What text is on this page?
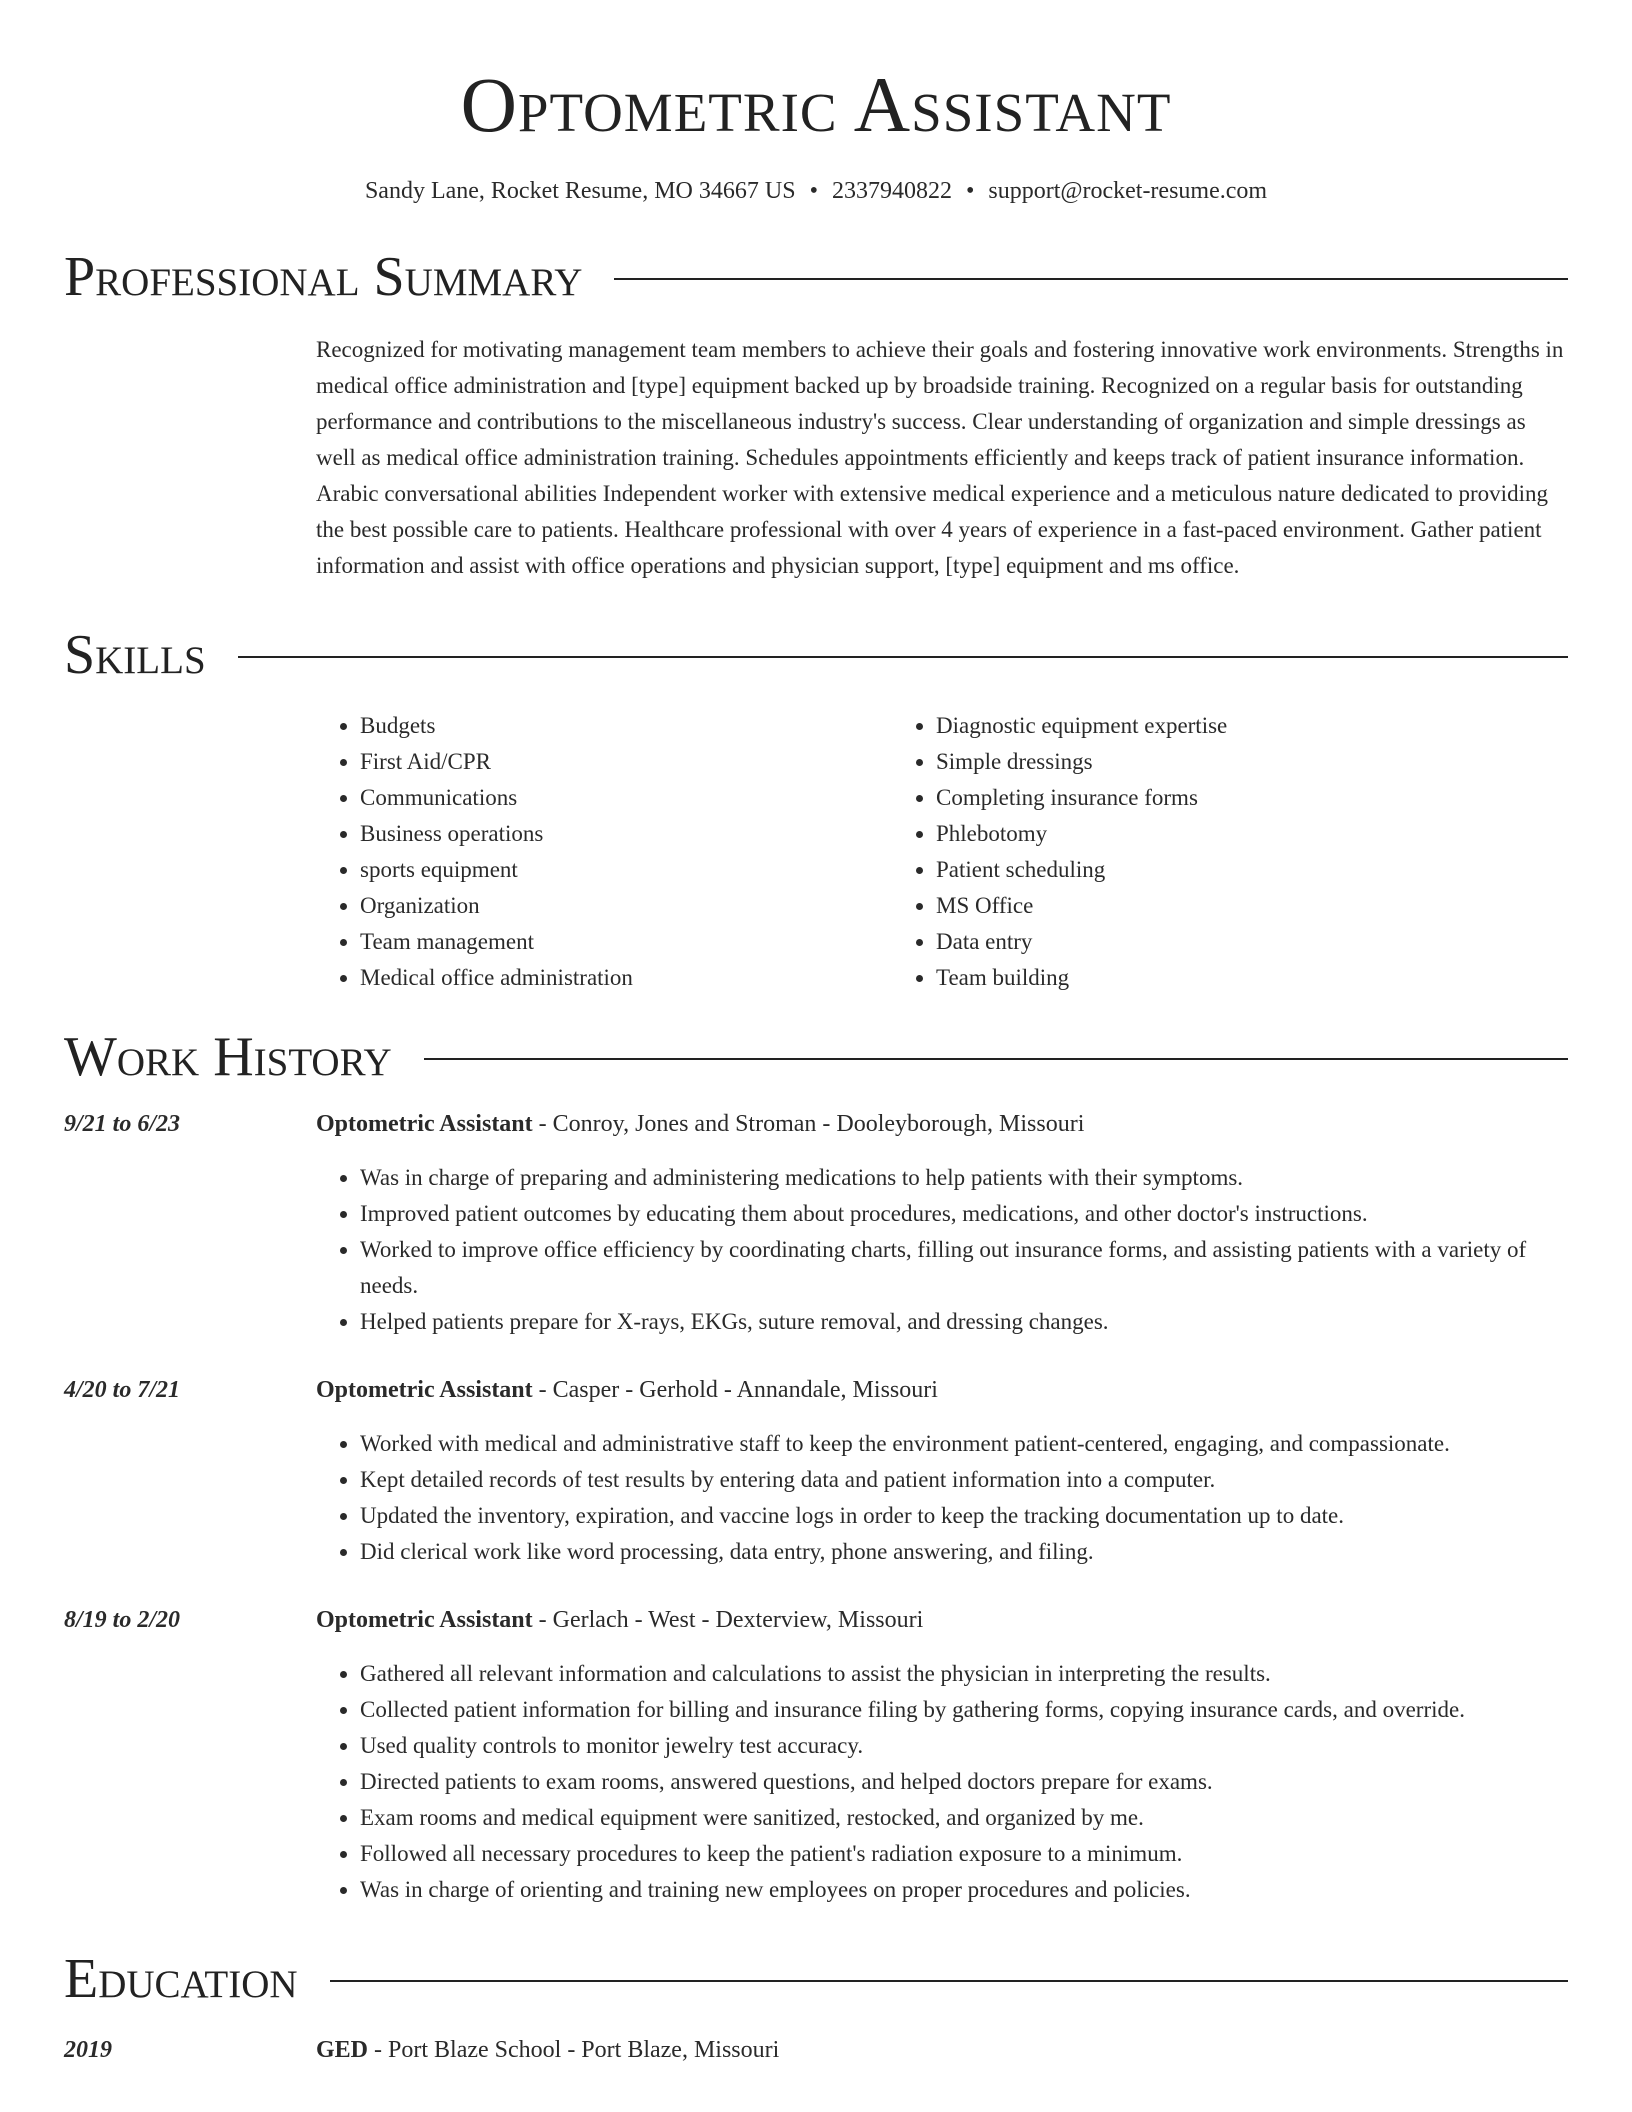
Optometric Assistant
Sandy Lane, Rocket Resume, MO 34667 US • 2337940822 • support@rocket-resume.com
Professional Summary
Recognized for motivating management team members to achieve their goals and fostering innovative work environments. Strengths in medical office administration and [type] equipment backed up by broadside training. Recognized on a regular basis for outstanding performance and contributions to the miscellaneous industry's success. Clear understanding of organization and simple dressings as well as medical office administration training. Schedules appointments efficiently and keeps track of patient insurance information. Arabic conversational abilities Independent worker with extensive medical experience and a meticulous nature dedicated to providing the best possible care to patients. Healthcare professional with over 4 years of experience in a fast-paced environment. Gather patient information and assist with office operations and physician support, [type] equipment and ms office.
Skills
• Budgets
• First Aid/CPR
• Communications
• Business operations
• sports equipment
• Organization
• Team management
• Medical office administration
• Diagnostic equipment expertise
• Simple dressings
• Completing insurance forms
• Phlebotomy
• Patient scheduling
• MS Office
• Data entry
• Team building
Work History
9/21 to 6/23	Optometric Assistant - Conroy, Jones and Stroman - Dooleyborough, Missouri
• Was in charge of preparing and administering medications to help patients with their symptoms.
• Improved patient outcomes by educating them about procedures, medications, and other doctor's instructions.
• Worked to improve office efficiency by coordinating charts, filling out insurance forms, and assisting patients with a variety of needs.
• Helped patients prepare for X-rays, EKGs, suture removal, and dressing changes.
4/20 to 7/21	Optometric Assistant - Casper - Gerhold - Annandale, Missouri
• Worked with medical and administrative staff to keep the environment patient-centered, engaging, and compassionate.
• Kept detailed records of test results by entering data and patient information into a computer.
• Updated the inventory, expiration, and vaccine logs in order to keep the tracking documentation up to date.
• Did clerical work like word processing, data entry, phone answering, and filing.
8/19 to 2/20	Optometric Assistant - Gerlach - West - Dexterview, Missouri
• Gathered all relevant information and calculations to assist the physician in interpreting the results.
• Collected patient information for billing and insurance filing by gathering forms, copying insurance cards, and override.
• Used quality controls to monitor jewelry test accuracy.
• Directed patients to exam rooms, answered questions, and helped doctors prepare for exams.
• Exam rooms and medical equipment were sanitized, restocked, and organized by me.
• Followed all necessary procedures to keep the patient's radiation exposure to a minimum.
• Was in charge of orienting and training new employees on proper procedures and policies.
Education
2019	GED - Port Blaze School - Port Blaze, Missouri
